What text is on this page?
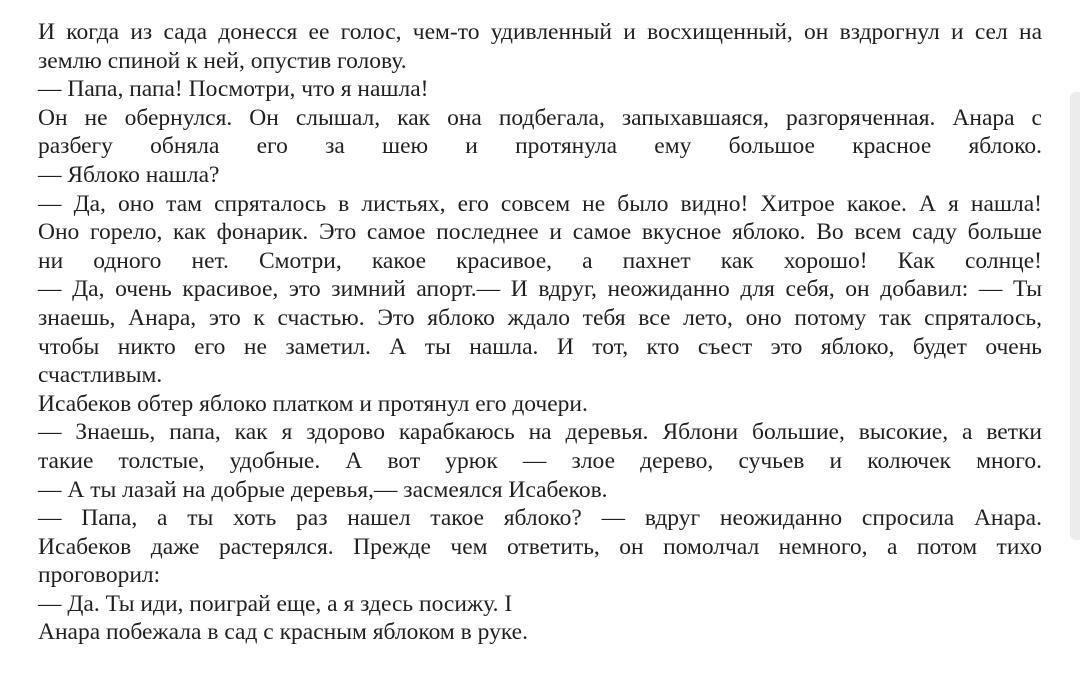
И когда из сада донесся ее голос, чем-то удивленный и восхищенный, он вздрогнул и сел на
землю спиной к ней, опустив голову.
— Папа, папа! Посмотри, что я нашла!
Он не обернулся. Он слышал, как она подбегала, запыхавшаяся, разгоряченная. Анара с
разбегу обняла его за шею и протянула ему большое красное яблоко.
— Яблоко нашла?
— Да, оно там спряталось в листьях, его совсем не было видно! Хитрое какое. А я нашла!
Оно горело, как фонарик. Это самое последнее и самое вкусное яблоко. Во всем саду больше
ни одного нет. Смотри, какое красивое, а пахнет как хорошо! Как солнце!
— Да, очень красивое, это зимний апорт.— И вдруг, неожиданно для себя, он добавил: — Ты
знаешь, Анара, это к счастью. Это яблоко ждало тебя все лето, оно потому так спряталось,
чтобы никто его не заметил. А ты нашла. И тот, кто съест это яблоко, будет очень
счастливым.
Исабеков обтер яблоко платком и протянул его дочери.
— Знаешь, папа, как я здорово карабкаюсь на деревья. Яблони большие, высокие, а ветки
такие толстые, удобные. А вот урюк — злое дерево, сучьев и колючек много.
— А ты лазай на добрые деревья,— засмеялся Исабеков.
— Папа, а ты хоть раз нашел такое яблоко? — вдруг неожиданно спросила Анара.
Исабеков даже растерялся. Прежде чем ответить, он помолчал немного, а потом тихо
проговорил:
— Да. Ты иди, поиграй еще, а я здесь посижу. I
Анара побежала в сад с красным яблоком в руке.
